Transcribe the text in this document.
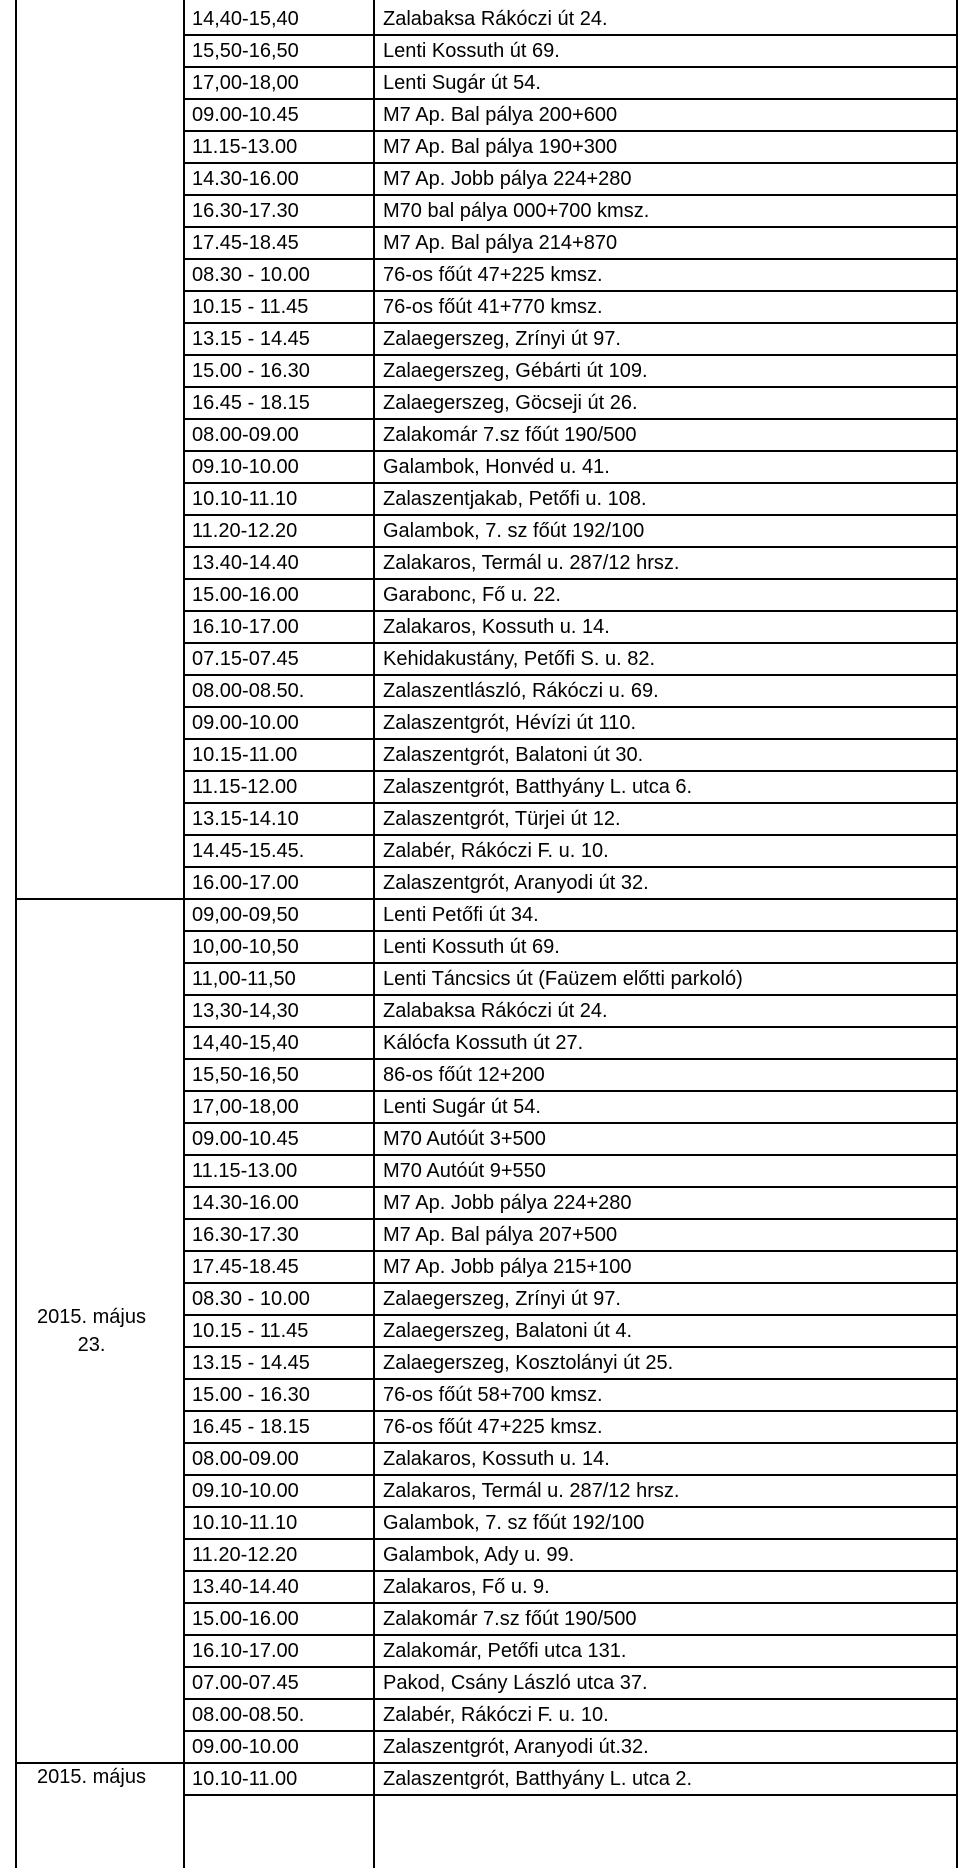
14,40-15,40	Zalabaksa Rákóczi út 24.
15,50-16,50	Lenti Kossuth út 69.
17,00-18,00	Lenti Sugár út 54.
09.00-10.45	M7 Ap. Bal pálya 200+600
11.15-13.00	M7 Ap. Bal pálya 190+300
14.30-16.00	M7 Ap. Jobb pálya 224+280
16.30-17.30	M70 bal pálya 000+700 kmsz.
17.45-18.45	M7 Ap. Bal pálya 214+870
08.30 - 10.00	76-os főút 47+225 kmsz.
10.15 - 11.45	76-os főút 41+770 kmsz.
13.15 - 14.45	Zalaegerszeg, Zrínyi út 97.
15.00 - 16.30	Zalaegerszeg, Gébárti út 109.
16.45 - 18.15	Zalaegerszeg, Göcseji út 26.
08.00-09.00	Zalakomár 7.sz főút 190/500
09.10-10.00	Galambok, Honvéd u. 41.
10.10-11.10	Zalaszentjakab, Petőfi u. 108.
11.20-12.20	Galambok, 7. sz főút 192/100
13.40-14.40	Zalakaros, Termál u. 287/12 hrsz.
15.00-16.00	Garabonc, Fő u. 22.
16.10-17.00	Zalakaros, Kossuth u. 14.
07.15-07.45	Kehidakustány, Petőfi S. u. 82.
08.00-08.50.	Zalaszentlászló, Rákóczi u. 69.
09.00-10.00	Zalaszentgrót, Hévízi út 110.
10.15-11.00	Zalaszentgrót, Balatoni út 30.
11.15-12.00	Zalaszentgrót, Batthyány L. utca 6.
13.15-14.10	Zalaszentgrót, Türjei út 12.
14.45-15.45.	Zalabér, Rákóczi F. u. 10.
16.00-17.00	Zalaszentgrót, Aranyodi út 32.
09,00-09,50	Lenti Petőfi út 34.
10,00-10,50	Lenti Kossuth út 69.
11,00-11,50	Lenti Táncsics út (Faüzem előtti parkoló)
13,30-14,30	Zalabaksa Rákóczi út 24.
14,40-15,40	Kálócfa Kossuth út 27.
15,50-16,50	86-os főút 12+200
17,00-18,00	Lenti Sugár út 54.
09.00-10.45	M70 Autóút 3+500
11.15-13.00	M70 Autóút 9+550
14.30-16.00	M7 Ap. Jobb pálya 224+280
16.30-17.30	M7 Ap. Bal pálya 207+500
17.45-18.45	M7 Ap. Jobb pálya 215+100
08.30 - 10.00	Zalaegerszeg, Zrínyi út 97.
10.15 - 11.45	Zalaegerszeg, Balatoni út 4.
13.15 - 14.45	Zalaegerszeg, Kosztolányi út 25.
15.00 - 16.30	76-os főút 58+700 kmsz.
16.45 - 18.15	76-os főút 47+225 kmsz.
08.00-09.00	Zalakaros, Kossuth u. 14.
09.10-10.00	Zalakaros, Termál u. 287/12 hrsz.
10.10-11.10	Galambok, 7. sz főút 192/100
11.20-12.20	Galambok, Ady u. 99.
13.40-14.40	Zalakaros, Fő u. 9.
15.00-16.00	Zalakomár 7.sz főút 190/500
16.10-17.00	Zalakomár, Petőfi utca 131.
07.00-07.45	Pakod, Csány László utca 37.
08.00-08.50.	Zalabér, Rákóczi F. u. 10.
09.00-10.00	Zalaszentgrót, Aranyodi út.32.
2015. május
23.
10.10-11.00	Zalaszentgrót, Batthyány L. utca 2.
2015. május
